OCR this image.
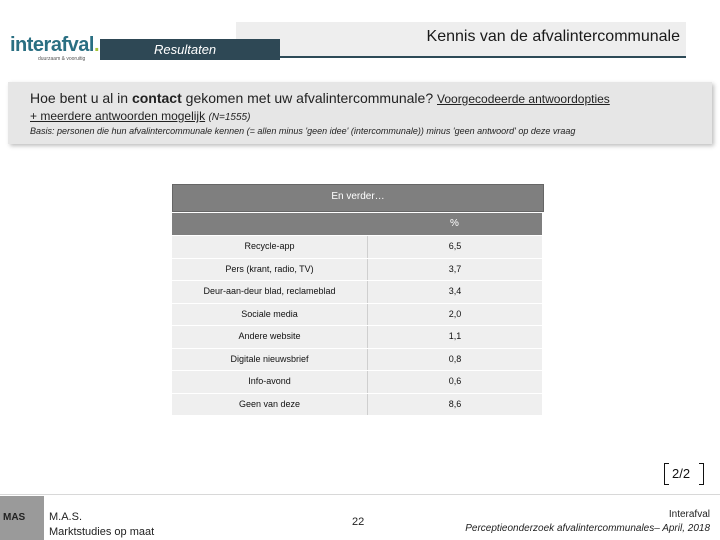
interafval.
duurzaam & vooruitig
Kennis van de afvalintercommunale
Resultaten
Hoe bent u al in contact gekomen met uw afvalintercommunale? Voorgecodeerde antwoordopties
+ meerdere antwoorden mogelijk (N=1555)
Basis: personen die hun afvalintercommunale kennen (= allen minus 'geen idee' (intercommunale)) minus 'geen antwoord' op deze vraag
En verder…
%
Recycle-app	6,5
Pers (krant, radio, TV)	3,7
Deur-aan-deur blad, reclameblad	3,4
Sociale media	2,0
Andere website	1,1
Digitale nieuwsbrief	0,8
Info-avond	0,6
Geen van deze	8,6
2/2
MAS M.A.S.
Marktstudies op maat
22
Interafval
Perceptieonderzoek afvalintercommunales– April, 2018
